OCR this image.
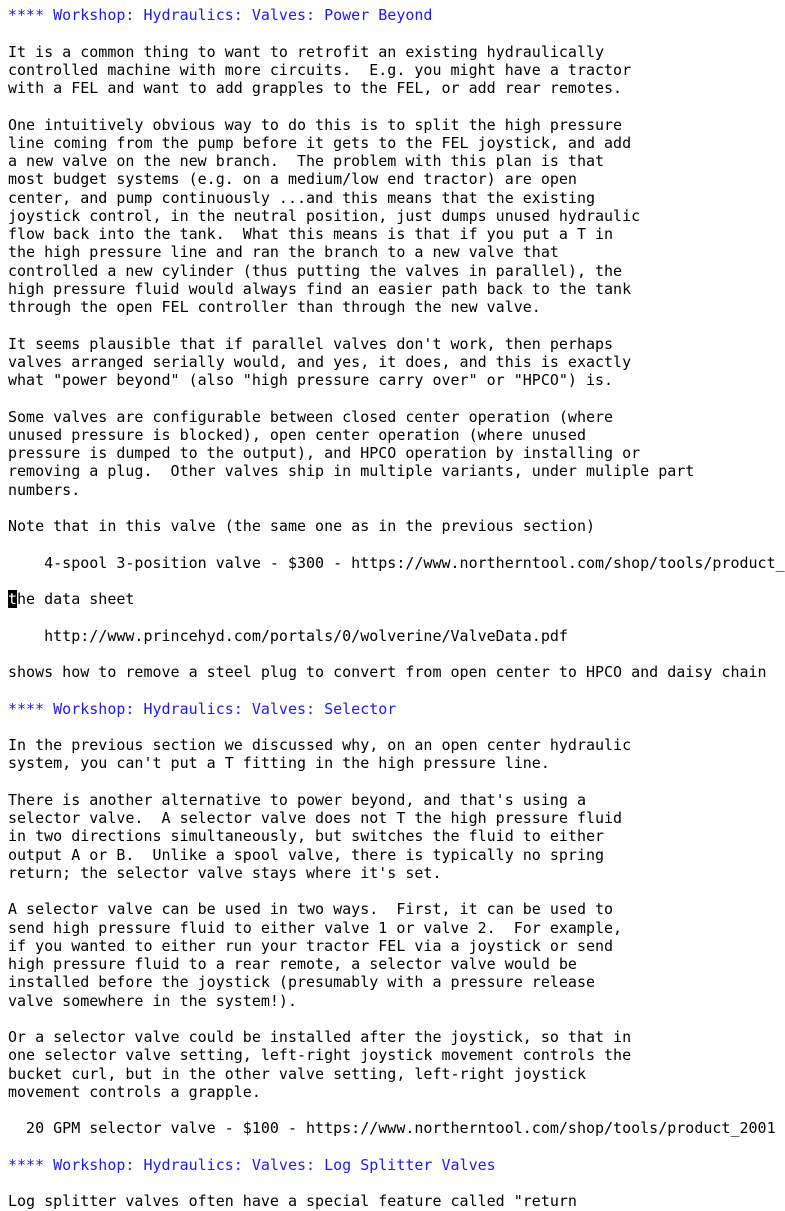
**** Workshop: Hydraulics: Valves: Power Beyond
It is a common thing to want to retrofit an existing hydraulically
controlled machine with more circuits.  E.g. you might have a tractor
with a FEL and want to add grapples to the FEL, or add rear remotes.
One intuitively obvious way to do this is to split the high pressure
line coming from the pump before it gets to the FEL joystick, and add
a new valve on the new branch.  The problem with this plan is that
most budget systems (e.g. on a medium/low end tractor) are open
center, and pump continuously ...and this means that the existing
joystick control, in the neutral position, just dumps unused hydraulic
flow back into the tank.  What this means is that if you put a T in
the high pressure line and ran the branch to a new valve that
controlled a new cylinder (thus putting the valves in parallel), the
high pressure fluid would always find an easier path back to the tank
through the open FEL controller than through the new valve.
It seems plausible that if parallel valves don't work, then perhaps
valves arranged serially would, and yes, it does, and this is exactly
what "power beyond" (also "high pressure carry over" or "HPCO") is.
Some valves are configurable between closed center operation (where
unused pressure is blocked), open center operation (where unused
pressure is dumped to the output), and HPCO operation by installing or
removing a plug.  Other valves ship in multiple variants, under muliple part
numbers.
Note that in this valve (the same one as in the previous section)
4-spool 3-position valve - $300 - https://www.northerntool.com/shop/tools/product_
the data sheet
http://www.princehyd.com/portals/0/wolverine/ValveData.pdf
shows how to remove a steel plug to convert from open center to HPCO and daisy chain
**** Workshop: Hydraulics: Valves: Selector
In the previous section we discussed why, on an open center hydraulic
system, you can't put a T fitting in the high pressure line.
There is another alternative to power beyond, and that's using a
selector valve.  A selector valve does not T the high pressure fluid
in two directions simultaneously, but switches the fluid to either
output A or B.  Unlike a spool valve, there is typically no spring
return; the selector valve stays where it's set.
A selector valve can be used in two ways.  First, it can be used to
send high pressure fluid to either valve 1 or valve 2.  For example,
if you wanted to either run your tractor FEL via a joystick or send
high pressure fluid to a rear remote, a selector valve would be
installed before the joystick (presumably with a pressure release
valve somewhere in the system!).
Or a selector valve could be installed after the joystick, so that in
one selector valve setting, left-right joystick movement controls the
bucket curl, but in the other valve setting, left-right joystick
movement controls a grapple.
20 GPM selector valve - $100 - https://www.northerntool.com/shop/tools/product_2001
**** Workshop: Hydraulics: Valves: Log Splitter Valves
Log splitter valves often have a special feature called "return
